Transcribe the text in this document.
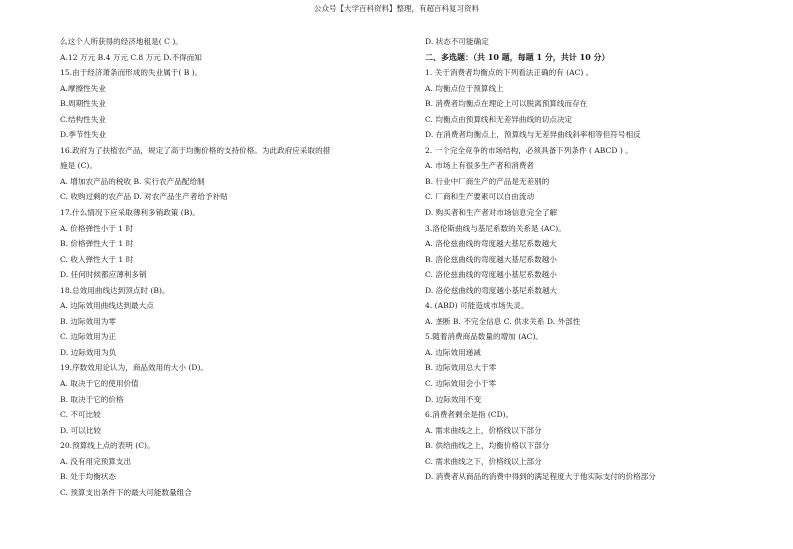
公众号【大学百科资料】整理，有超百科复习资料
么这个人所获得的经济地租是( C )。
A.12 万元 B.4 万元 C.8 万元 D.不得而知
15.由于经济萧条而形成的失业属于( B )。
A.摩擦性失业
B.周期性失业
C.结构性失业
D.季节性失业
16.政府为了扶植农产品，规定了高于均衡价格的支持价格。为此政府应采取的措
施是 (C)。
A. 增加农产品的税收 B. 实行农产品配给制
C. 收购过剩的农产品 D. 对农产品生产者给予补贴
17.什么情况下应采取薄利多销政策 (B)。
A. 价格弹性小于 1 时
B. 价格弹性大于 1 时
C. 收入弹性大于 1 时
D. 任何时候都应薄利多销
18.总效用曲线达到顶点时 (B)。
A. 边际效用曲线达到最大点
B. 边际效用为零
C. 边际效用为正
D. 边际效用为负
19.序数效用论认为，商品效用的大小 (D)。
A. 取决于它的使用价值
B. 取决于它的价格
C. 不可比较
D. 可以比较
20.预算线上点的表明 (C)。
A. 没有用完预算支出
B. 处于均衡状态
C. 预算支出条件下的最大可能数量组合
D. 状态不可能确定
二、多选题：（共 10 题，每题 1 分，共计 10 分）
1. 关于消费者均衡点的下列看法正确的有 (AC) 。
A. 均衡点位于预算线上
B. 消费者均衡点在理论上可以脱离预算线而存在
C. 均衡点由预算线和无差异曲线的切点决定
D. 在消费者均衡点上，预算线与无差异曲线斜率相等但符号相反
2. 一个完全竞争的市场结构，必须具备下列条件 ( ABCD ) 。
A. 市场上有很多生产者和消费者
B. 行业中厂商生产的产品是无差别的
C. 厂商和生产要素可以自由流动
D. 购买者和生产者对市场信息完全了解
3.洛伦斯曲线与基尼系数的关系是 (AC)。
A. 洛伦兹曲线的弯度越大基尼系数越大
B. 洛伦兹曲线的弯度越大基尼系数越小
C. 洛伦兹曲线的弯度越小基尼系数越小
D. 洛伦兹曲线的弯度越小基尼系数越大
4. (ABD) 可能造成市场失灵。
A. 垄断 B. 不完全信息 C. 供求关系 D. 外部性
5.随着消费商品数量的增加 (AC)。
A. 边际效用递减
B. 边际效用总大于零
C. 边际效用会小于零
D. 边际效用不变
6.消费者剩余是指 (CD)。
A. 需求曲线之上，价格线以下部分
B. 供给曲线之上，均衡价格以下部分
C. 需求曲线之下，价格线以上部分
D. 消费者从商品的消费中得到的满足程度大于他实际支付的价格部分
